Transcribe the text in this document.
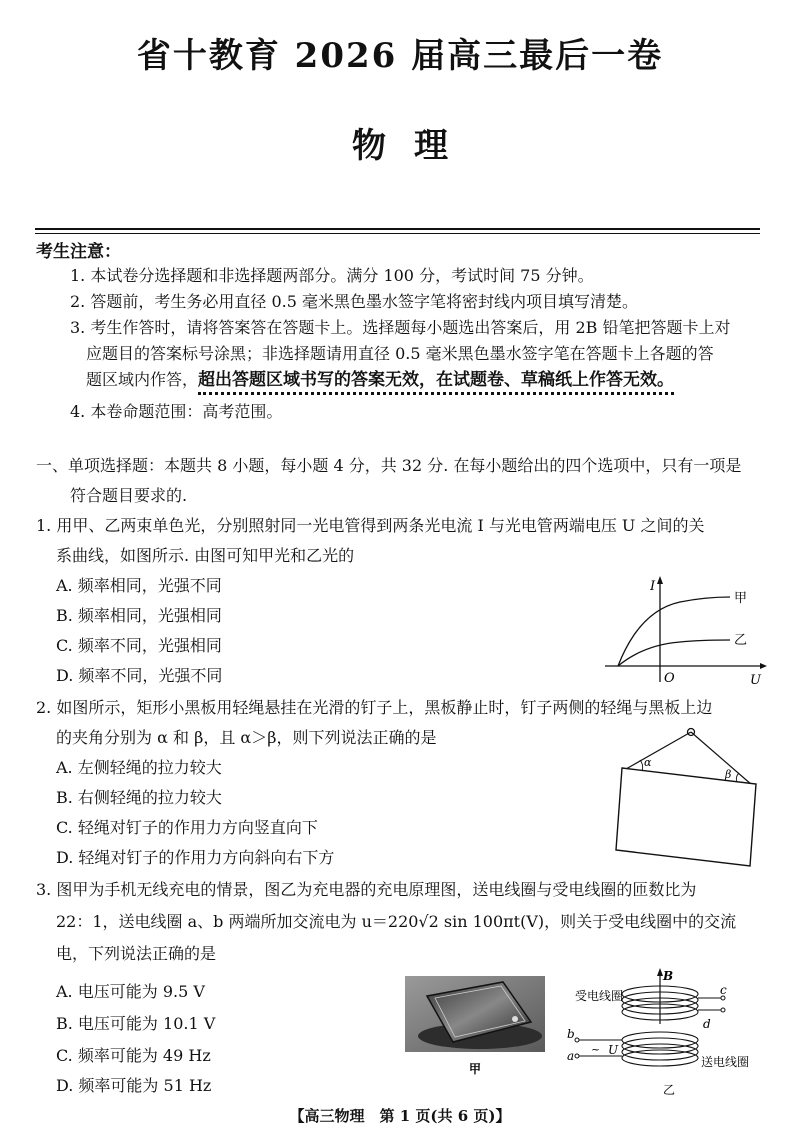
省十教育 2026 届高三最后一卷
物理
考生注意：
1. 本试卷分选择题和非选择题两部分。满分 100 分，考试时间 75 分钟。
2. 答题前，考生务必用直径 0.5 毫米黑色墨水签字笔将密封线内项目填写清楚。
3. 考生作答时，请将答案答在答题卡上。选择题每小题选出答案后，用 2B 铅笔把答题卡上对
应题目的答案标号涂黑；非选择题请用直径 0.5 毫米黑色墨水签字笔在答题卡上各题的答
题区域内作答，超出答题区域书写的答案无效，在试题卷、草稿纸上作答无效。
4. 本卷命题范围：高考范围。
一、单项选择题：本题共 8 小题，每小题 4 分，共 32 分. 在每小题给出的四个选项中，只有一项是
符合题目要求的.
1. 用甲、乙两束单色光，分别照射同一光电管得到两条光电流 I 与光电管两端电压 U 之间的关
系曲线，如图所示. 由图可知甲光和乙光的
A. 频率相同，光强不同
B. 频率相同，光强相同
C. 频率不同，光强相同
D. 频率不同，光强不同
I
U
O
甲
乙
2. 如图所示，矩形小黑板用轻绳悬挂在光滑的钉子上，黑板静止时，钉子两侧的轻绳与黑板上边
的夹角分别为 α 和 β，且 α＞β，则下列说法正确的是
A. 左侧轻绳的拉力较大
B. 右侧轻绳的拉力较大
C. 轻绳对钉子的作用力方向竖直向下
D. 轻绳对钉子的作用力方向斜向右下方
α
β
3. 图甲为手机无线充电的情景，图乙为充电器的充电原理图，送电线圈与受电线圈的匝数比为
22：1，送电线圈 a、b 两端所加交流电为 u＝220√2 sin 100πt(V)，则关于受电线圈中的交流
电，下列说法正确的是
A. 电压可能为 9.5 V
B. 电压可能为 10.1 V
C. 频率可能为 49 Hz
D. 频率可能为 51 Hz
甲
B
c
d
b
a ~ U
受电线圈
送电线圈
乙
【高三物理　第 1 页(共 6 页)】
